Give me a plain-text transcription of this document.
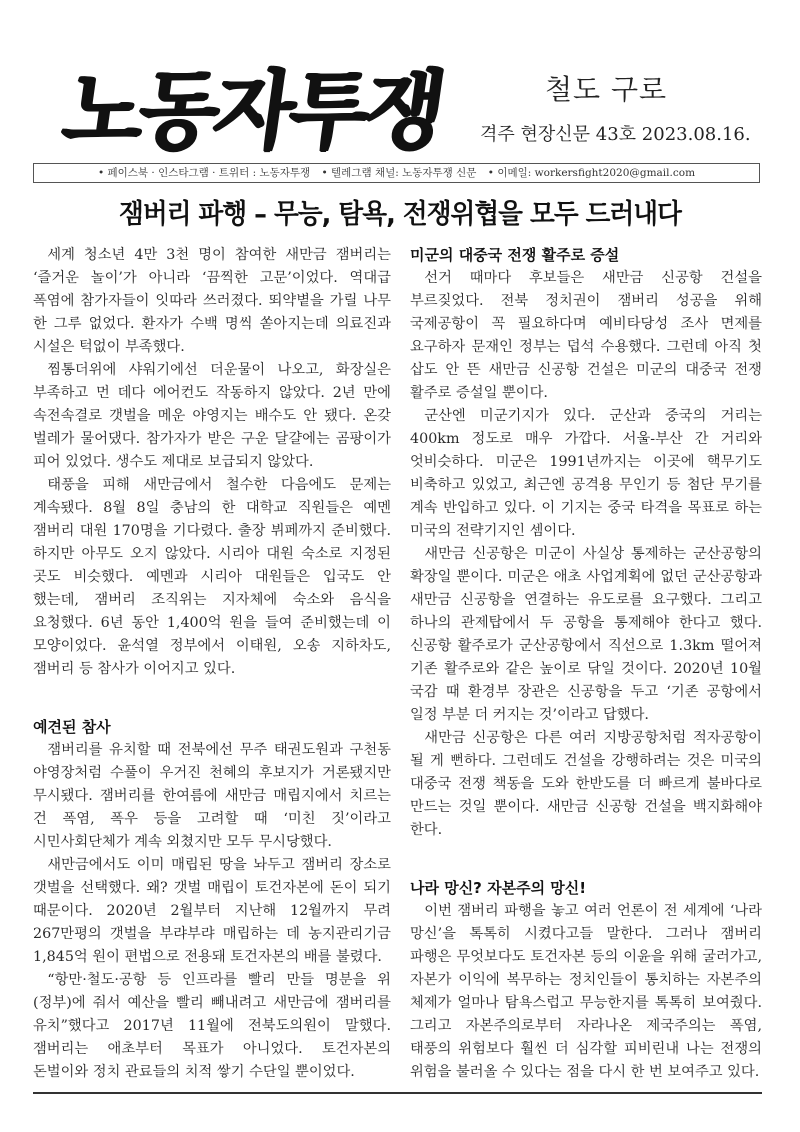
노동자투쟁	철도 구로
격주 현장신문 43호 2023.08.16.
• 페이스북 · 인스타그램 · 트위터 : 노동자투쟁 • 텔레그램 채널: 노동자투쟁 신문 • 이메일: workersfight2020@gmail.com
잼버리 파행 – 무능, 탐욕, 전쟁위협을 모두 드러내다

세계 청소년 4만 3천 명이 참여한 새만금 잼버리는 ‘즐거운 놀이’가 아니라 ‘끔찍한 고문’이었다. 역대급 폭염에 참가자들이 잇따라 쓰러졌다. 뙤약볕을 가릴 나무 한 그루 없었다. 환자가 수백 명씩 쏟아지는데 의료진과 시설은 턱없이 부족했다.

찜통더위에 샤워기에선 더운물이 나오고, 화장실은 부족하고 먼 데다 에어컨도 작동하지 않았다. 2년 만에 속전속결로 갯벌을 메운 야영지는 배수도 안 됐다. 온갖 벌레가 물어댔다. 참가자가 받은 구운 달걀에는 곰팡이가 피어 있었다. 생수도 제대로 보급되지 않았다.

태풍을 피해 새만금에서 철수한 다음에도 문제는 계속됐다. 8월 8일 충남의 한 대학교 직원들은 예멘 잼버리 대원 170명을 기다렸다. 출장 뷔페까지 준비했다. 하지만 아무도 오지 않았다. 시리아 대원 숙소로 지정된 곳도 비슷했다. 예멘과 시리아 대원들은 입국도 안 했는데, 잼버리 조직위는 지자체에 숙소와 음식을 요청했다. 6년 동안 1,400억 원을 들여 준비했는데 이 모양이었다. 윤석열 정부에서 이태원, 오송 지하차도, 잼버리 등 참사가 이어지고 있다.

예견된 참사

잼버리를 유치할 때 전북에선 무주 태권도원과 구천동 야영장처럼 수풀이 우거진 천혜의 후보지가 거론됐지만 무시됐다. 잼버리를 한여름에 새만금 매립지에서 치르는 건 폭염, 폭우 등을 고려할 때 ‘미친 짓’이라고 시민사회단체가 계속 외쳤지만 모두 무시당했다.

새만금에서도 이미 매립된 땅을 놔두고 잼버리 장소로 갯벌을 선택했다. 왜? 갯벌 매립이 토건자본에 돈이 되기 때문이다. 2020년 2월부터 지난해 12월까지 무려 267만평의 갯벌을 부랴부랴 매립하는 데 농지관리기금 1,845억 원이 편법으로 전용돼 토건자본의 배를 불렸다.

“항만·철도·공항 등 인프라를 빨리 만들 명분을 위(정부)에 줘서 예산을 빨리 빼내려고 새만금에 잼버리를 유치”했다고 2017년 11월에 전북도의원이 말했다. 잼버리는 애초부터 목표가 아니었다. 토건자본의 돈벌이와 정치 관료들의 치적 쌓기 수단일 뿐이었다.

미군의 대중국 전쟁 활주로 증설

선거 때마다 후보들은 새만금 신공항 건설을 부르짖었다. 전북 정치권이 잼버리 성공을 위해 국제공항이 꼭 필요하다며 예비타당성 조사 면제를 요구하자 문재인 정부는 덥석 수용했다. 그런데 아직 첫 삽도 안 뜬 새만금 신공항 건설은 미군의 대중국 전쟁 활주로 증설일 뿐이다.

군산엔 미군기지가 있다. 군산과 중국의 거리는 400km 정도로 매우 가깝다. 서울-부산 간 거리와 엇비슷하다. 미군은 1991년까지는 이곳에 핵무기도 비축하고 있었고, 최근엔 공격용 무인기 등 첨단 무기를 계속 반입하고 있다. 이 기지는 중국 타격을 목표로 하는 미국의 전략기지인 셈이다.

새만금 신공항은 미군이 사실상 통제하는 군산공항의 확장일 뿐이다. 미군은 애초 사업계획에 없던 군산공항과 새만금 신공항을 연결하는 유도로를 요구했다. 그리고 하나의 관제탑에서 두 공항을 통제해야 한다고 했다. 신공항 활주로가 군산공항에서 직선으로 1.3km 떨어져 기존 활주로와 같은 높이로 닦일 것이다. 2020년 10월 국감 때 환경부 장관은 신공항을 두고 ‘기존 공항에서 일정 부분 더 커지는 것’이라고 답했다.

새만금 신공항은 다른 여러 지방공항처럼 적자공항이 될 게 뻔하다. 그런데도 건설을 강행하려는 것은 미국의 대중국 전쟁 책동을 도와 한반도를 더 빠르게 불바다로 만드는 것일 뿐이다. 새만금 신공항 건설을 백지화해야 한다.

나라 망신? 자본주의 망신!

이번 잼버리 파행을 놓고 여러 언론이 전 세계에 ‘나라 망신’을 톡톡히 시켰다고들 말한다. 그러나 잼버리 파행은 무엇보다도 토건자본 등의 이윤을 위해 굴러가고, 자본가 이익에 복무하는 정치인들이 통치하는 자본주의 체제가 얼마나 탐욕스럽고 무능한지를 톡톡히 보여줬다. 그리고 자본주의로부터 자라나온 제국주의는 폭염, 태풍의 위험보다 훨씬 더 심각할 피비린내 나는 전쟁의 위험을 불러올 수 있다는 점을 다시 한 번 보여주고 있다.
